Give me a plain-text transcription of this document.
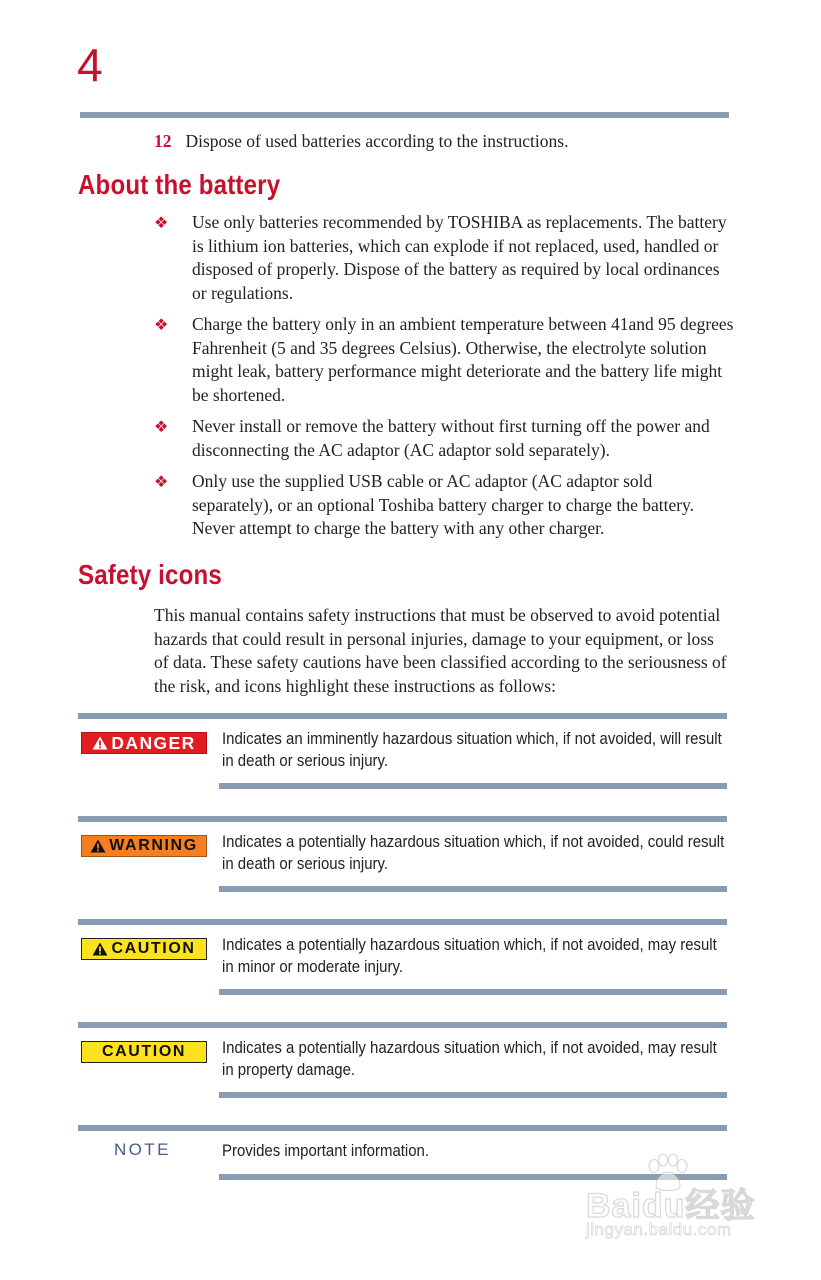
4
12 Dispose of used batteries according to the instructions.
About the battery
❖ Use only batteries recommended by TOSHIBA as replacements. The battery is lithium ion batteries, which can explode if not replaced, used, handled or disposed of properly. Dispose of the battery as required by local ordinances or regulations.
❖ Charge the battery only in an ambient temperature between 41and 95 degrees Fahrenheit (5 and 35 degrees Celsius). Otherwise, the electrolyte solution might leak, battery performance might deteriorate and the battery life might be shortened.
❖ Never install or remove the battery without first turning off the power and disconnecting the AC adaptor (AC adaptor sold separately).
❖ Only use the supplied USB cable or AC adaptor (AC adaptor sold separately), or an optional Toshiba battery charger to charge the battery. Never attempt to charge the battery with any other charger.
Safety icons

This manual contains safety instructions that must be observed to avoid potential hazards that could result in personal injuries, damage to your equipment, or loss of data. These safety cautions have been classified according to the seriousness of the risk, and icons highlight these instructions as follows:

DANGER Indicates an imminently hazardous situation which, if not avoided, will result in death or serious injury.
WARNING Indicates a potentially hazardous situation which, if not avoided, could result in death or serious injury.
CAUTION Indicates a potentially hazardous situation which, if not avoided, may result in minor or moderate injury.
CAUTION Indicates a potentially hazardous situation which, if not avoided, may result in property damage.
NOTE	Provides important information.
Baidu经验
jingyan.baidu.com
